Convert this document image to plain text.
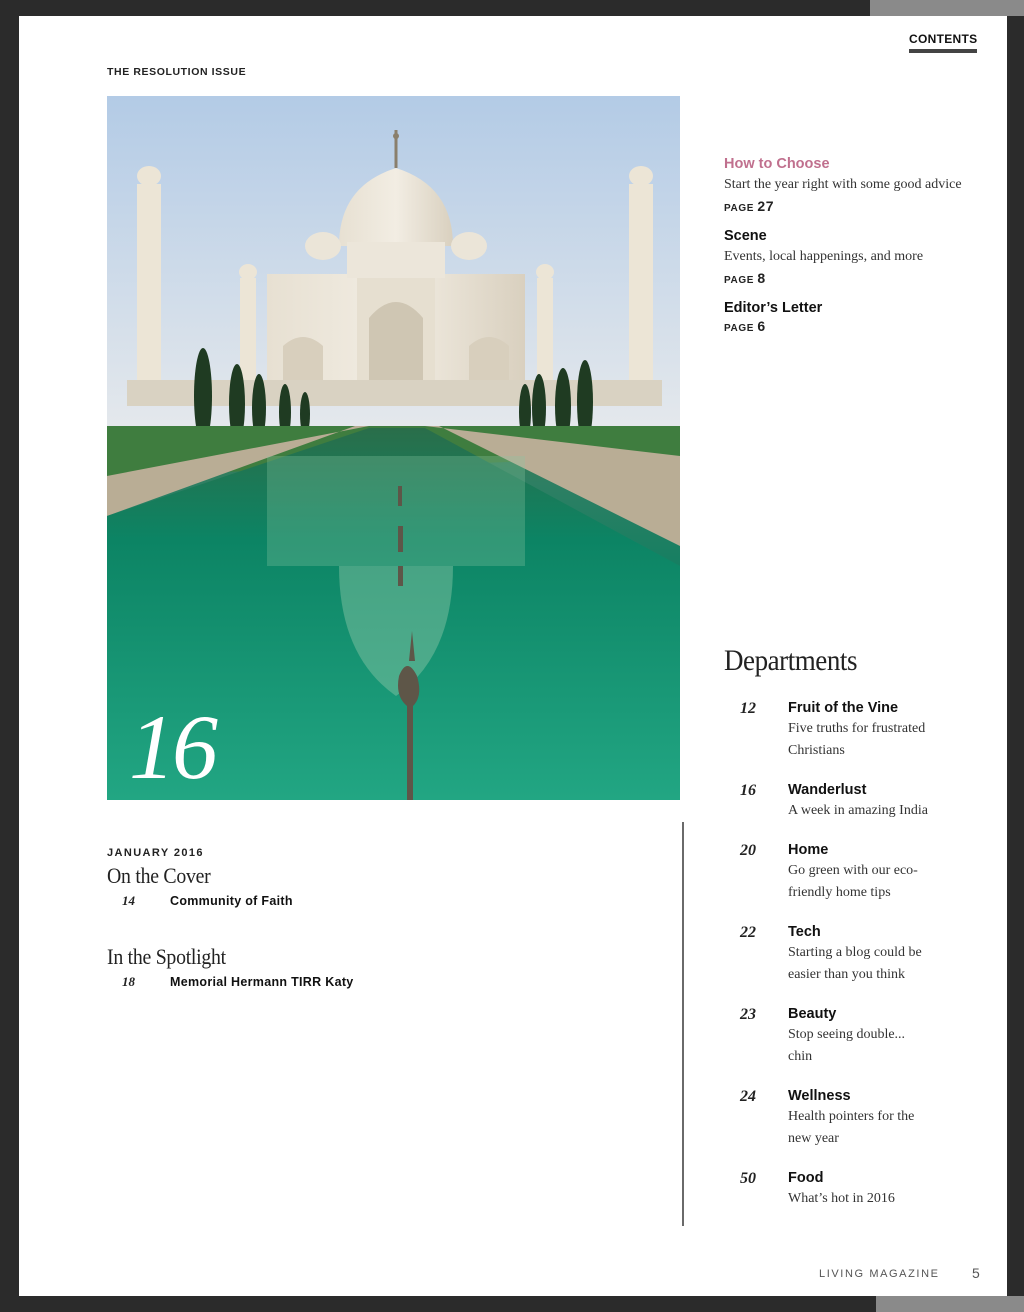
CONTENTS
THE RESOLUTION ISSUE
16
How to Choose
Start the year right with some good advice
PAGE 27
Scene
Events, local happenings, and more
PAGE 8
Editor’s Letter
PAGE 6
Departments
12	Fruit of the Vine
Five truths for frustrated Christians
16	Wanderlust
A week in amazing India
20	Home
Go green with our eco-friendly home tips
22	Tech
Starting a blog could be easier than you think
23	Beauty
Stop seeing double... chin
24	Wellness
Health pointers for the new year
50	Food
What’s hot in 2016
JANUARY 2016
On the Cover
14	Community of Faith
In the Spotlight
18	Memorial Hermann TIRR Katy
LIVING MAGAZINE 5
